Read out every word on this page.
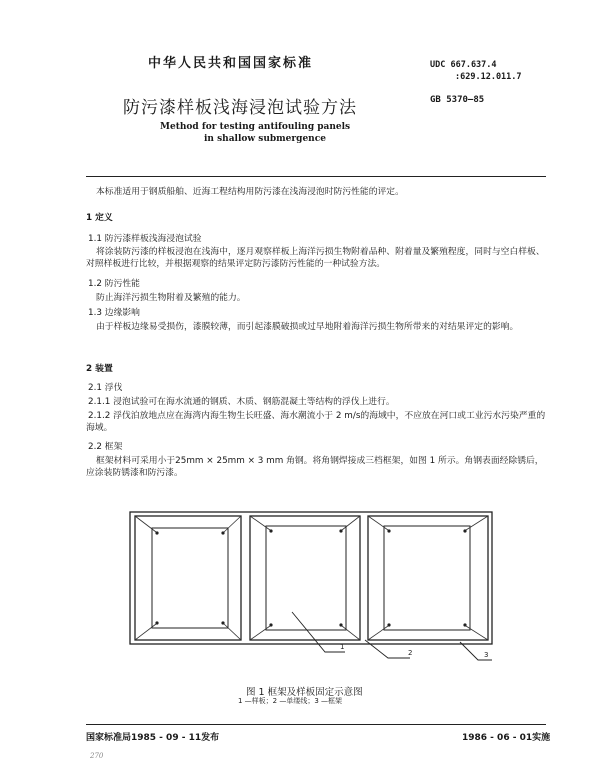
中华人民共和国国家标准	UDC 667.637.4
:629.12.011.7
GB 5370—85
防污漆样板浅海浸泡试验方法
Method for testing antifouling panels
in shallow submergence
本标准适用于钢质船舶、近海工程结构用防污漆在浅海浸泡时防污性能的评定。
1 定义
1.1 防污漆样板浅海浸泡试验
将涂装防污漆的样板浸泡在浅海中，逐月观察样板上海洋污损生物附着品种、附着量及繁殖程度，同时与空白样板、对照样板进行比较，并根据观察的结果评定防污漆防污性能的一种试验方法。
1.2 防污性能
防止海洋污损生物附着及繁殖的能力。
1.3 边缘影响
由于样板边缘易受损伤，漆膜较薄，而引起漆膜破损或过早地附着海洋污损生物所带来的对结果评定的影响。
2 装置
2.1 浮伐
2.1.1 浸泡试验可在海水流通的钢质、木质、钢筋混凝土等结构的浮伐上进行。
2.1.2 浮伐泊放地点应在海湾内海生物生长旺盛、海水潮流小于 2 m/s的海域中，不应放在河口或工业污水污染严重的海域。
2.2 框架
框架材料可采用小于25mm × 25mm × 3 mm 角钢。将角钢焊接成三档框架，如图 1 所示。角钢表面经除锈后，应涂装防锈漆和防污漆。
1
2	3
图 1 框架及样板固定示意图
1 —样板；2 —单缕线；3 —框架
国家标准局1985 - 09 - 11发布	1986 - 06 - 01实施
270
